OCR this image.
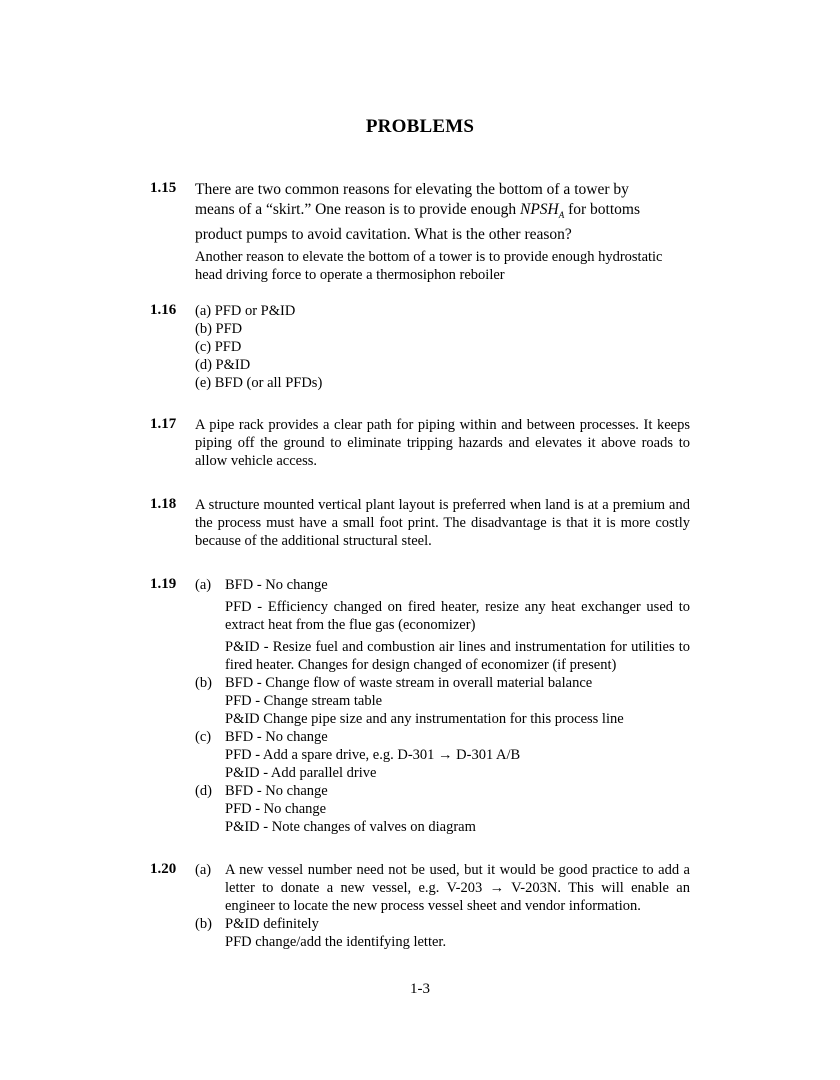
PROBLEMS
1.15 There are two common reasons for elevating the bottom of a tower by
means of a “skirt.” One reason is to provide enough $NPSH_A$ for bottoms
product pumps to avoid cavitation. What is the other reason?
Another reason to elevate the bottom of a tower is to provide enough hydrostatic
head driving force to operate a thermosiphon reboiler
1.16 (a) PFD or P&ID
(b) PFD
(c) PFD
(d) P&ID
(e) BFD (or all PFDs)
1.17 A pipe rack provides a clear path for piping within and between processes. It keeps piping off the ground to eliminate tripping hazards and elevates it above roads to allow vehicle access.
1.18 A structure mounted vertical plant layout is preferred when land is at a premium and the process must have a small foot print. The disadvantage is that it is more costly because of the additional structural steel.
1.19 (a) BFD - No change
PFD - Efficiency changed on fired heater, resize any heat exchanger used to extract heat from the flue gas (economizer)
P&ID - Resize fuel and combustion air lines and instrumentation for utilities to fired heater. Changes for design changed of economizer (if present)
(b) BFD - Change flow of waste stream in overall material balance
PFD - Change stream table
P&ID Change pipe size and any instrumentation for this process line
(c) BFD - No change
PFD - Add a spare drive, e.g. D-301 → D-301 A/B
P&ID - Add parallel drive
(d) BFD - No change
PFD - No change
P&ID - Note changes of valves on diagram
1.20 (a) A new vessel number need not be used, but it would be good practice to add a letter to donate a new vessel, e.g. V-203 → V-203N. This will enable an engineer to locate the new process vessel sheet and vendor information.
(b) P&ID definitely
PFD change/add the identifying letter.
1-3
